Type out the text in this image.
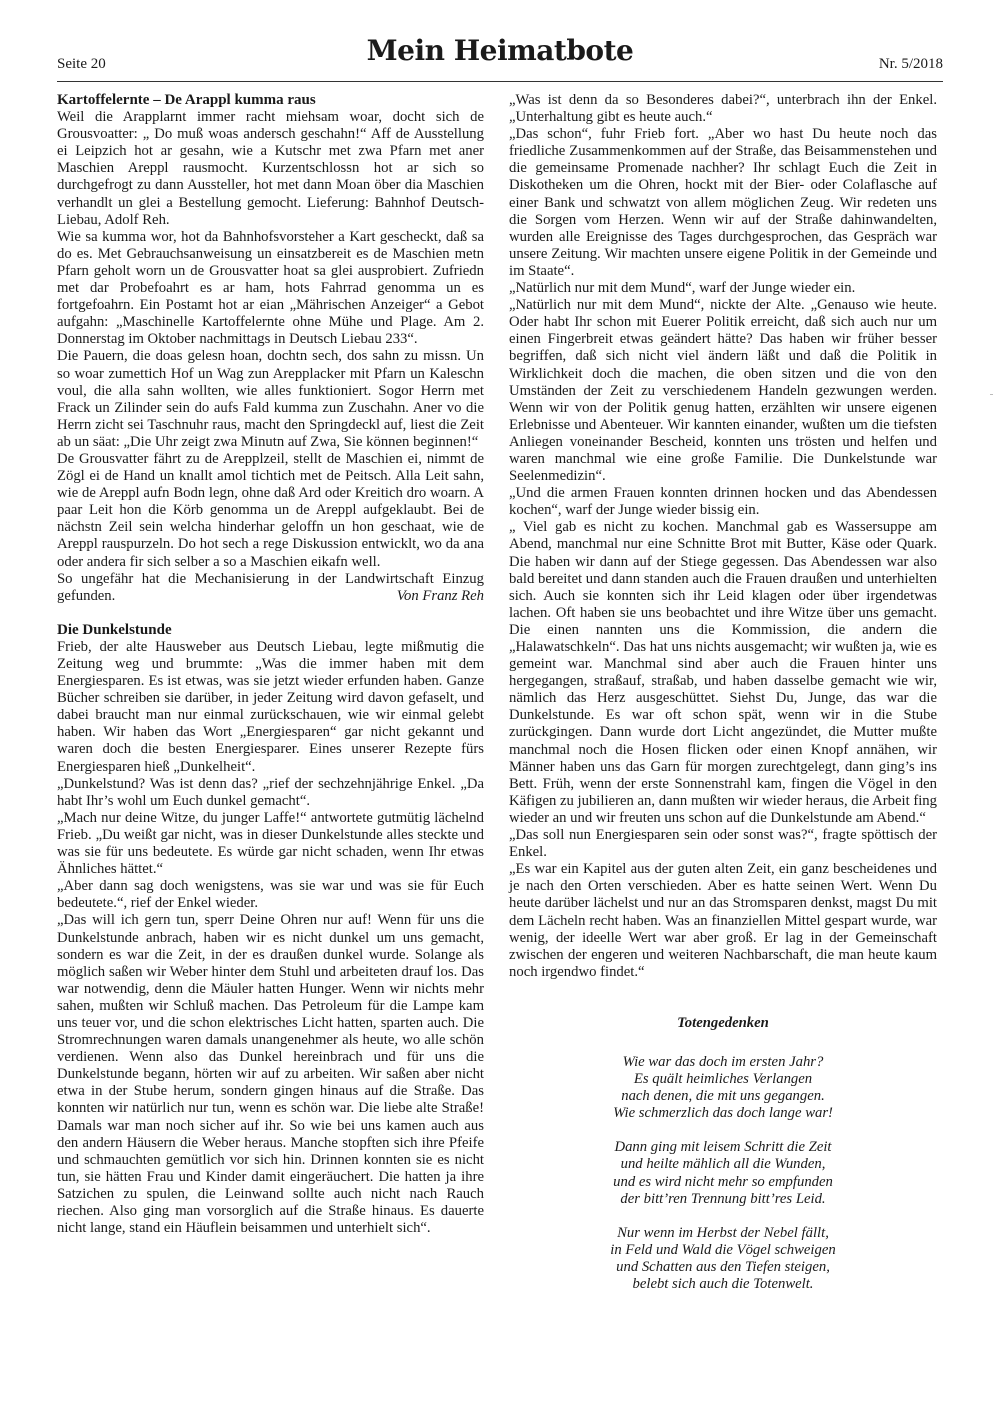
Seite 20	Mein Heimatbote	Nr. 5/2018
Kartoffelernte – De Arappl kumma raus

Weil die Arapplarnt immer racht miehsam woar, docht sich de Grousvoatter: „ Do muß woas andersch geschahn!“ Aff de Ausstellung ei Leipzich hot ar gesahn, wie a Kutschr met zwa Pfarn met aner Maschien Areppl rausmocht. Kurzentschlossn hot ar sich so durchgefrogt zu dann Aussteller, hot met dann Moan öber dia Maschien verhandlt un glei a Bestellung gemocht. Lieferung: Bahnhof Deutsch-Liebau, Adolf Reh.

Wie sa kumma wor, hot da Bahnhofsvorsteher a Kart gescheckt, daß sa do es. Met Gebrauchsanweisung un einsatzbereit es de Maschien metn Pfarn geholt worn un de Grousvatter hoat sa glei ausprobiert. Zufriedn met dar Probefoahrt es ar ham, hots Fahrrad genomma un es fortgefoahrn. Ein Postamt hot ar eian „Mährischen Anzeiger“ a Gebot aufgahn: „Maschinelle Kartoffelernte ohne Mühe und Plage. Am 2. Donnerstag im Oktober nachmittags in Deutsch Liebau 233“.

Die Pauern, die doas gelesn hoan, dochtn sech, dos sahn zu missn. Un so woar zumettich Hof un Wag zun Arepplacker mit Pfarn un Kaleschn voul, die alla sahn wollten, wie alles funktioniert. Sogor Herrn met Frack un Zilinder sein do aufs Fald kumma zun Zuschahn. Aner vo die Herrn zicht sei Taschnuhr raus, macht den Springdeckl auf, liest die Zeit ab un säat: „Die Uhr zeigt zwa Minutn auf Zwa, Sie können beginnen!“

De Grousvatter fährt zu de Arepplzeil, stellt de Maschien ei, nimmt de Zögl ei de Hand un knallt amol tichtich met de Peitsch. Alla Leit sahn, wie de Areppl aufn Bodn legn, ohne daß Ard oder Kreitich dro woarn. A paar Leit hon die Körb genomma un de Areppl aufgeklaubt. Bei de nächstn Zeil sein welcha hinderhar geloffn un hon geschaat, wie de Areppl rauspurzeln. Do hot sech a rege Diskussion entwicklt, wo da ana oder andera fir sich selber a so a Maschien eikafn well.

So ungefähr hat die Mechanisierung in der Landwirtschaft Einzug gefunden.	Von Franz Reh

Die Dunkelstunde

Frieb, der alte Hausweber aus Deutsch Liebau, legte mißmutig die Zeitung weg und brummte: „Was die immer haben mit dem Energiesparen. Es ist etwas, was sie jetzt wieder erfunden haben. Ganze Bücher schreiben sie darüber, in jeder Zeitung wird davon gefaselt, und dabei braucht man nur einmal zurückschauen, wie wir einmal gelebt haben. Wir haben das Wort „Energiesparen“ gar nicht gekannt und waren doch die besten Energiesparer. Eines unserer Rezepte fürs Energiesparen hieß „Dunkelheit“.

„Dunkelstund? Was ist denn das? „rief der sechzehnjährige Enkel. „Da habt Ihr’s wohl um Euch dunkel gemacht“.

„Mach nur deine Witze, du junger Laffe!“ antwortete gutmütig lächelnd Frieb. „Du weißt gar nicht, was in dieser Dunkelstunde alles steckte und was sie für uns bedeutete. Es würde gar nicht schaden, wenn Ihr etwas Ähnliches hättet.“

„Aber dann sag doch wenigstens, was sie war und was sie für Euch bedeutete.“, rief der Enkel wieder.

„Das will ich gern tun, sperr Deine Ohren nur auf! Wenn für uns die Dunkelstunde anbrach, haben wir es nicht dunkel um uns gemacht, sondern es war die Zeit, in der es draußen dunkel wurde. Solange als möglich saßen wir Weber hinter dem Stuhl und arbeiteten drauf los. Das war notwendig, denn die Mäuler hatten Hunger. Wenn wir nichts mehr sahen, mußten wir Schluß machen. Das Petroleum für die Lampe kam uns teuer vor, und die schon elektrisches Licht hatten, sparten auch. Die Stromrechnungen waren damals unangenehmer als heute, wo alle schön verdienen. Wenn also das Dunkel hereinbrach und für uns die Dunkelstunde begann, hörten wir auf zu arbeiten. Wir saßen aber nicht etwa in der Stube herum, sondern gingen hinaus auf die Straße. Das konnten wir natürlich nur tun, wenn es schön war. Die liebe alte Straße! Damals war man noch sicher auf ihr. So wie bei uns kamen auch aus den andern Häusern die Weber heraus. Manche stopften sich ihre Pfeife und schmauchten gemütlich vor sich hin. Drinnen konnten sie es nicht tun, sie hätten Frau und Kinder damit eingeräuchert. Die hatten ja ihre Satzichen zu spulen, die Leinwand sollte auch nicht nach Rauch riechen. Also ging man vorsorglich auf die Straße hinaus. Es dauerte nicht lange, stand ein Häuflein beisammen und unterhielt sich“.

„Was ist denn da so Besonderes dabei?“, unterbrach ihn der Enkel. „Unterhaltung gibt es heute auch.“

„Das schon“, fuhr Frieb fort. „Aber wo hast Du heute noch das friedliche Zusammenkommen auf der Straße, das Beisammenstehen und die gemeinsame Promenade nachher? Ihr schlagt Euch die Zeit in Diskotheken um die Ohren, hockt mit der Bier- oder Colaflasche auf einer Bank und schwatzt von allem möglichen Zeug. Wir redeten uns die Sorgen vom Herzen. Wenn wir auf der Straße dahinwandelten, wurden alle Ereignisse des Tages durchgesprochen, das Gespräch war unsere Zeitung. Wir machten unsere eigene Politik in der Gemeinde und im Staate“.

„Natürlich nur mit dem Mund“, warf der Junge wieder ein.

„Natürlich nur mit dem Mund“, nickte der Alte. „Genauso wie heute. Oder habt Ihr schon mit Euerer Politik erreicht, daß sich auch nur um einen Fingerbreit etwas geändert hätte? Das haben wir früher besser begriffen, daß sich nicht viel ändern läßt und daß die Politik in Wirklichkeit doch die machen, die oben sitzen und die von den Umständen der Zeit zu verschiedenem Handeln gezwungen werden. Wenn wir von der Politik genug hatten, erzählten wir unsere eigenen Erlebnisse und Abenteuer. Wir kannten einander, wußten um die tiefsten Anliegen voneinander Bescheid, konnten uns trösten und helfen und waren manchmal wie eine große Familie. Die Dunkelstunde war Seelenmedizin“.

„Und die armen Frauen konnten drinnen hocken und das Abendessen kochen“, warf der Junge wieder bissig ein.

„ Viel gab es nicht zu kochen. Manchmal gab es Wassersuppe am Abend, manchmal nur eine Schnitte Brot mit Butter, Käse oder Quark. Die haben wir dann auf der Stiege gegessen. Das Abendessen war also bald bereitet und dann standen auch die Frauen draußen und unterhielten sich. Auch sie konnten sich ihr Leid klagen oder über irgendetwas lachen. Oft haben sie uns beobachtet und ihre Witze über uns gemacht. Die einen nannten uns die Kommission, die andern die „Halawatschkeln“. Das hat uns nichts ausgemacht; wir wußten ja, wie es gemeint war. Manchmal sind aber auch die Frauen hinter uns hergegangen, straßauf, straßab, und haben dasselbe gemacht wie wir, nämlich das Herz ausgeschüttet. Siehst Du, Junge, das war die Dunkelstunde. Es war oft schon spät, wenn wir in die Stube zurückgingen. Dann wurde dort Licht angezündet, die Mutter mußte manchmal noch die Hosen flicken oder einen Knopf annähen, wir Männer haben uns das Garn für morgen zurechtgelegt, dann ging’s ins Bett. Früh, wenn der erste Sonnenstrahl kam, fingen die Vögel in den Käfigen zu jubilieren an, dann mußten wir wieder heraus, die Arbeit fing wieder an und wir freuten uns schon auf die Dunkelstunde am Abend.“

„Das soll nun Energiesparen sein oder sonst was?“, fragte spöttisch der Enkel.

„Es war ein Kapitel aus der guten alten Zeit, ein ganz bescheidenes und je nach den Orten verschieden. Aber es hatte seinen Wert. Wenn Du heute darüber lächelst und nur an das Stromsparen denkst, magst Du mit dem Lächeln recht haben. Was an finanziellen Mittel gespart wurde, war wenig, der ideelle Wert war aber groß. Er lag in der Gemeinschaft zwischen der engeren und weiteren Nachbarschaft, die man heute kaum noch irgendwo findet.“

Totengedenken
Wie war das doch im ersten Jahr?
Es quält heimliches Verlangen
nach denen, die mit uns gegangen.
Wie schmerzlich das doch lange war!
Dann ging mit leisem Schritt die Zeit
und heilte mählich all die Wunden,
und es wird nicht mehr so empfunden
der bitt’ren Trennung bitt’res Leid.
Nur wenn im Herbst der Nebel fällt,
in Feld und Wald die Vögel schweigen
und Schatten aus den Tiefen steigen,
belebt sich auch die Totenwelt.
